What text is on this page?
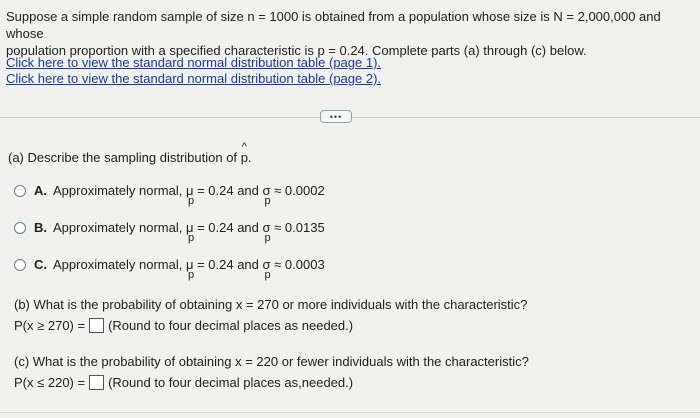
Suppose a simple random sample of size n = 1000 is obtained from a population whose size is N = 2,000,000 and whose
population proportion with a specified characteristic is p = 0.24. Complete parts (a) through (c) below.
Click here to view the standard normal distribution table (page 1).
Click here to view the standard normal distribution table (page 2).
•••
(a) Describe the sampling distribution of ^ p.
A. Approximately normal,
μ
p

= 0.24 and
σ
p

≈ 0.0002
B. Approximately normal,
μ
p

= 0.24 and
σ
p

≈ 0.0135
C. Approximately normal,
μ
p

= 0.24 and
σ
p

≈ 0.0003
(b) What is the probability of obtaining x = 270 or more individuals with the characteristic?
P(x ≥ 270) = (Round to four decimal places as needed.)
(c) What is the probability of obtaining x = 220 or fewer individuals with the characteristic?
P(x ≤ 220) = (Round to four decimal places as,needed.)
